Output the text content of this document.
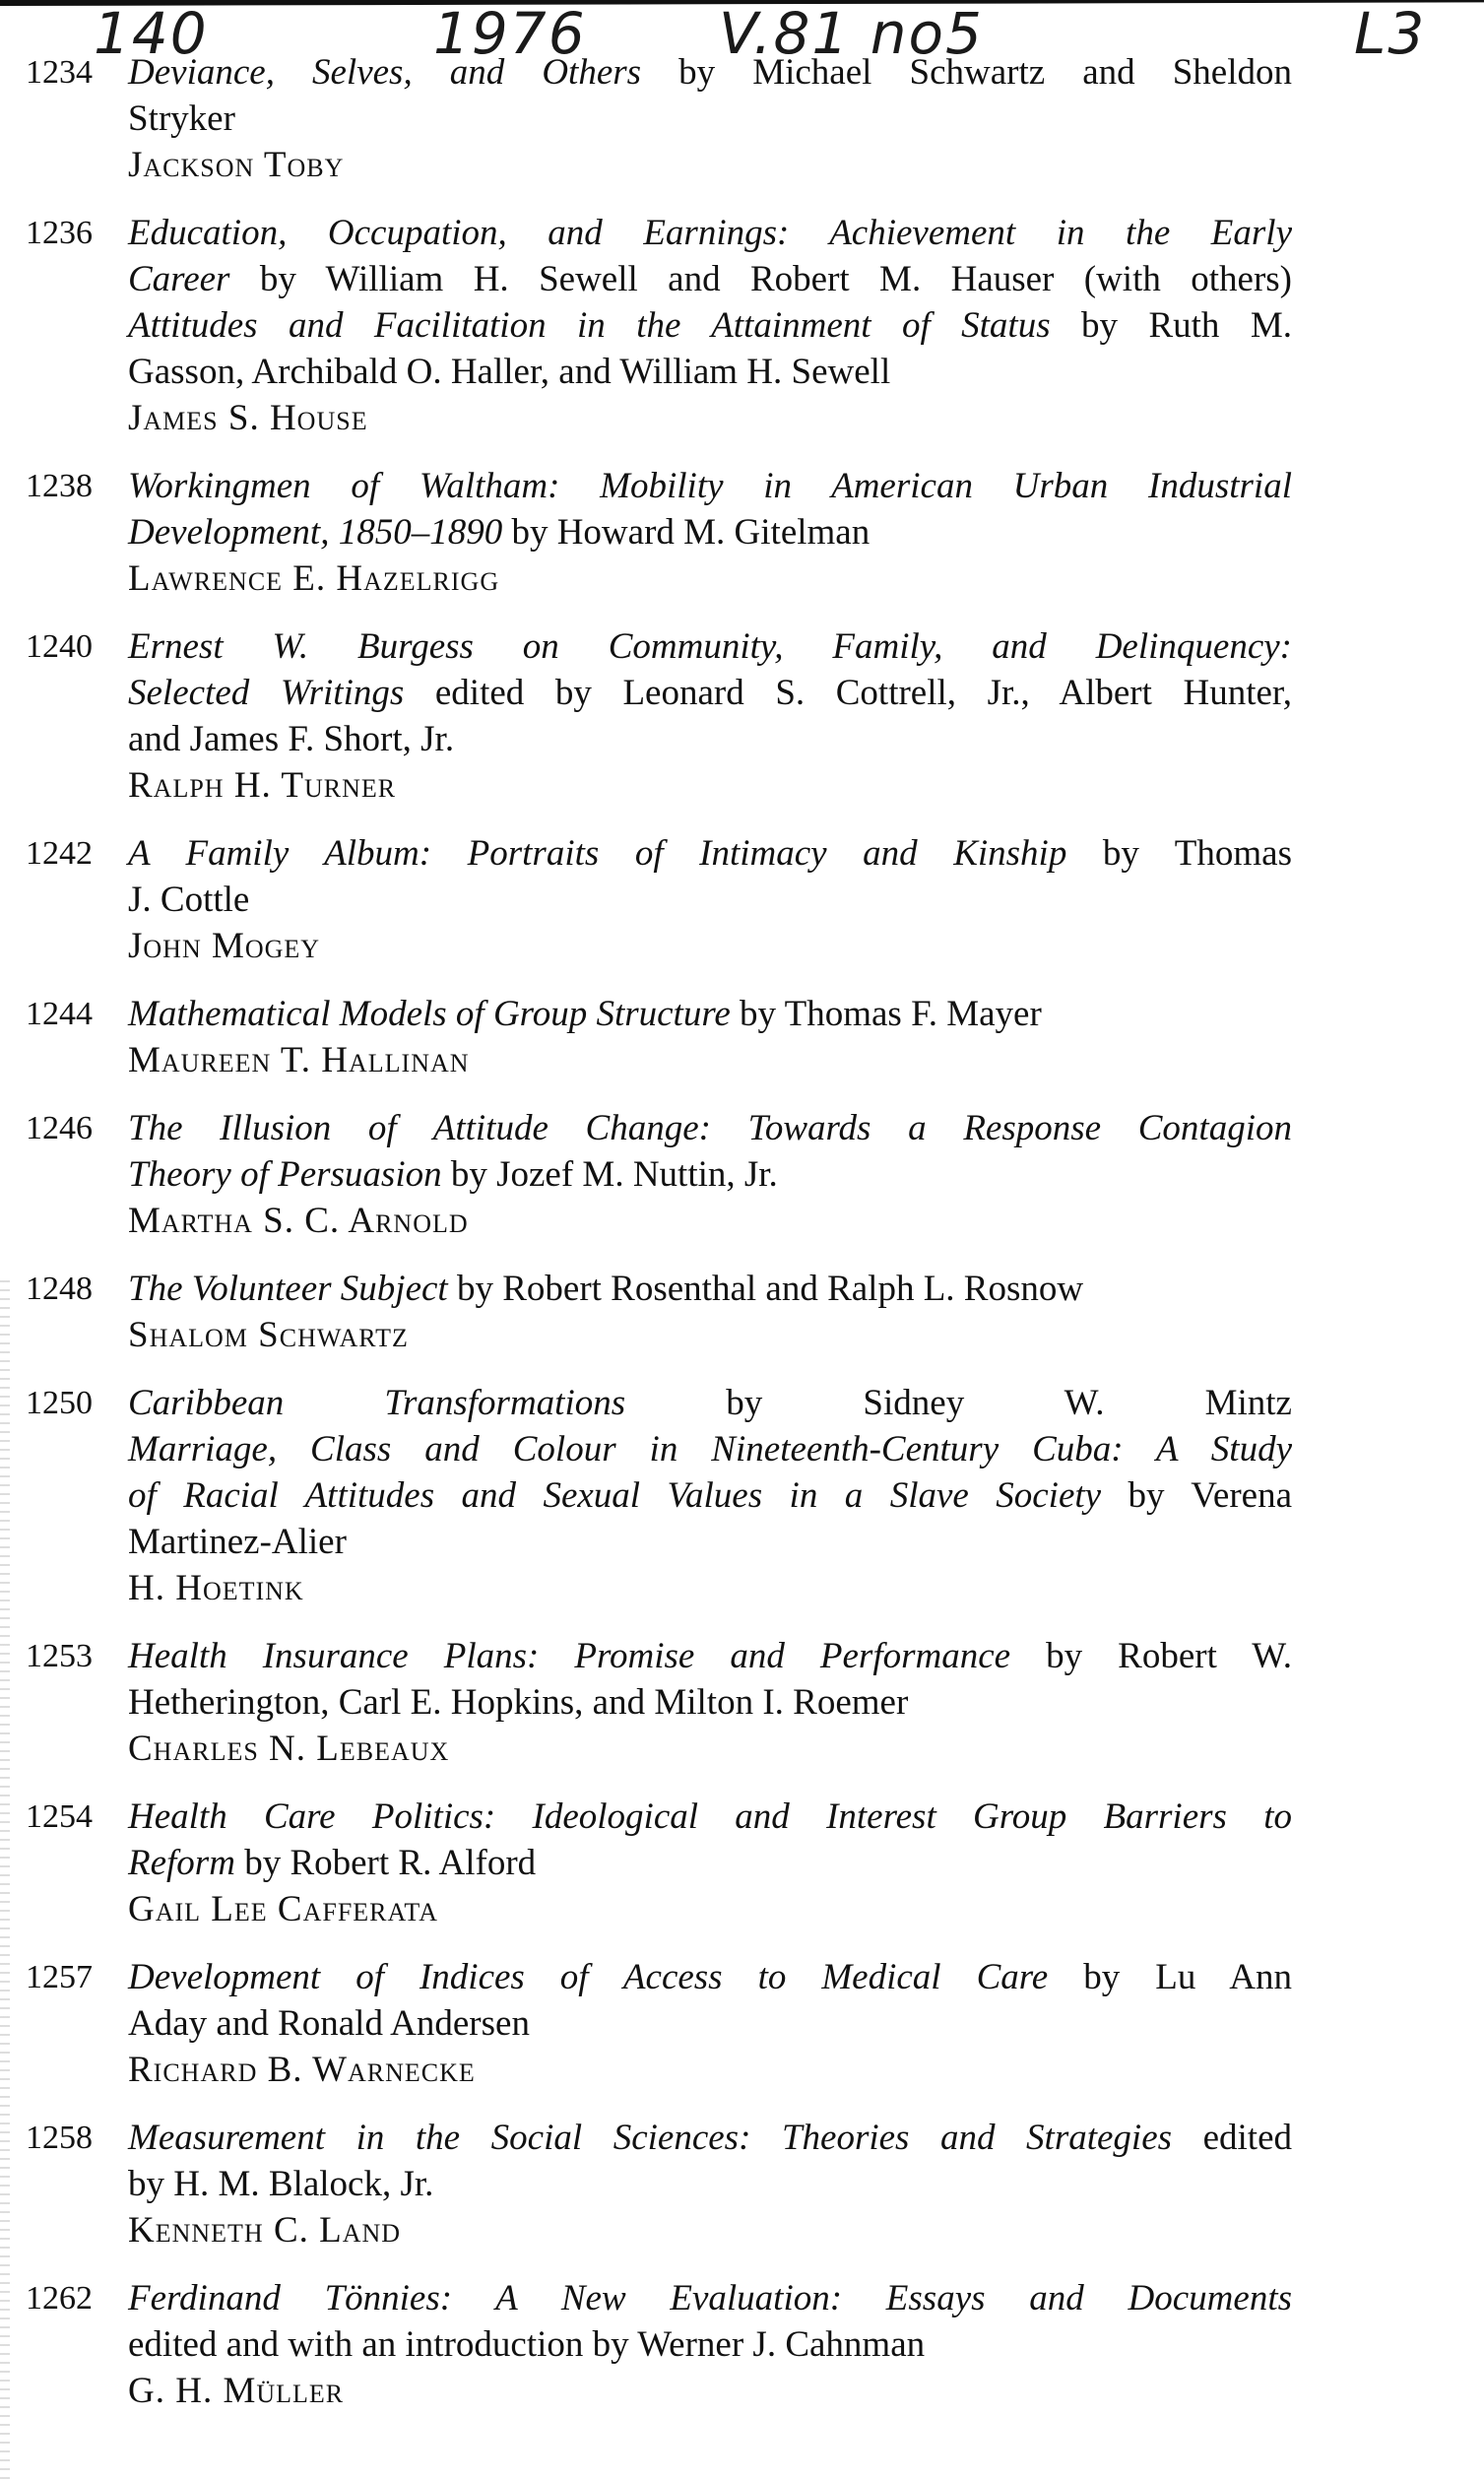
140	1976 V.81 no5	L3
1234 Deviance, Selves, and Others by Michael Schwartz and Sheldon
Stryker
Jackson Toby
1236 Education, Occupation, and Earnings: Achievement in the Early
Career by William H. Sewell and Robert M. Hauser (with others)
Attitudes and Facilitation in the Attainment of Status by Ruth M.
Gasson, Archibald O. Haller, and William H. Sewell
James S. House
1238 Workingmen of Waltham: Mobility in American Urban Industrial
Development, 1850–1890 by Howard M. Gitelman
Lawrence E. Hazelrigg
1240 Ernest W. Burgess on Community, Family, and Delinquency:
Selected Writings edited by Leonard S. Cottrell, Jr., Albert Hunter,
and James F. Short, Jr.
Ralph H. Turner
1242 A Family Album: Portraits of Intimacy and Kinship by Thomas
J. Cottle
John Mogey
1244 Mathematical Models of Group Structure by Thomas F. Mayer
Maureen T. Hallinan
1246 The Illusion of Attitude Change: Towards a Response Contagion
Theory of Persuasion by Jozef M. Nuttin, Jr.
Martha S. C. Arnold
1248 The Volunteer Subject by Robert Rosenthal and Ralph L. Rosnow
Shalom Schwartz
1250 Caribbean Transformations by Sidney W. Mintz
Marriage, Class and Colour in Nineteenth-Century Cuba: A Study
of Racial Attitudes and Sexual Values in a Slave Society by Verena
Martinez-Alier
H. Hoetink
1253 Health Insurance Plans: Promise and Performance by Robert W.
Hetherington, Carl E. Hopkins, and Milton I. Roemer
Charles N. Lebeaux
1254 Health Care Politics: Ideological and Interest Group Barriers to
Reform by Robert R. Alford
Gail Lee Cafferata
1257 Development of Indices of Access to Medical Care by Lu Ann
Aday and Ronald Andersen
Richard B. Warnecke
1258 Measurement in the Social Sciences: Theories and Strategies edited
by H. M. Blalock, Jr.
Kenneth C. Land
1262 Ferdinand Tönnies: A New Evaluation: Essays and Documents
edited and with an introduction by Werner J. Cahnman
G. H. Müller
